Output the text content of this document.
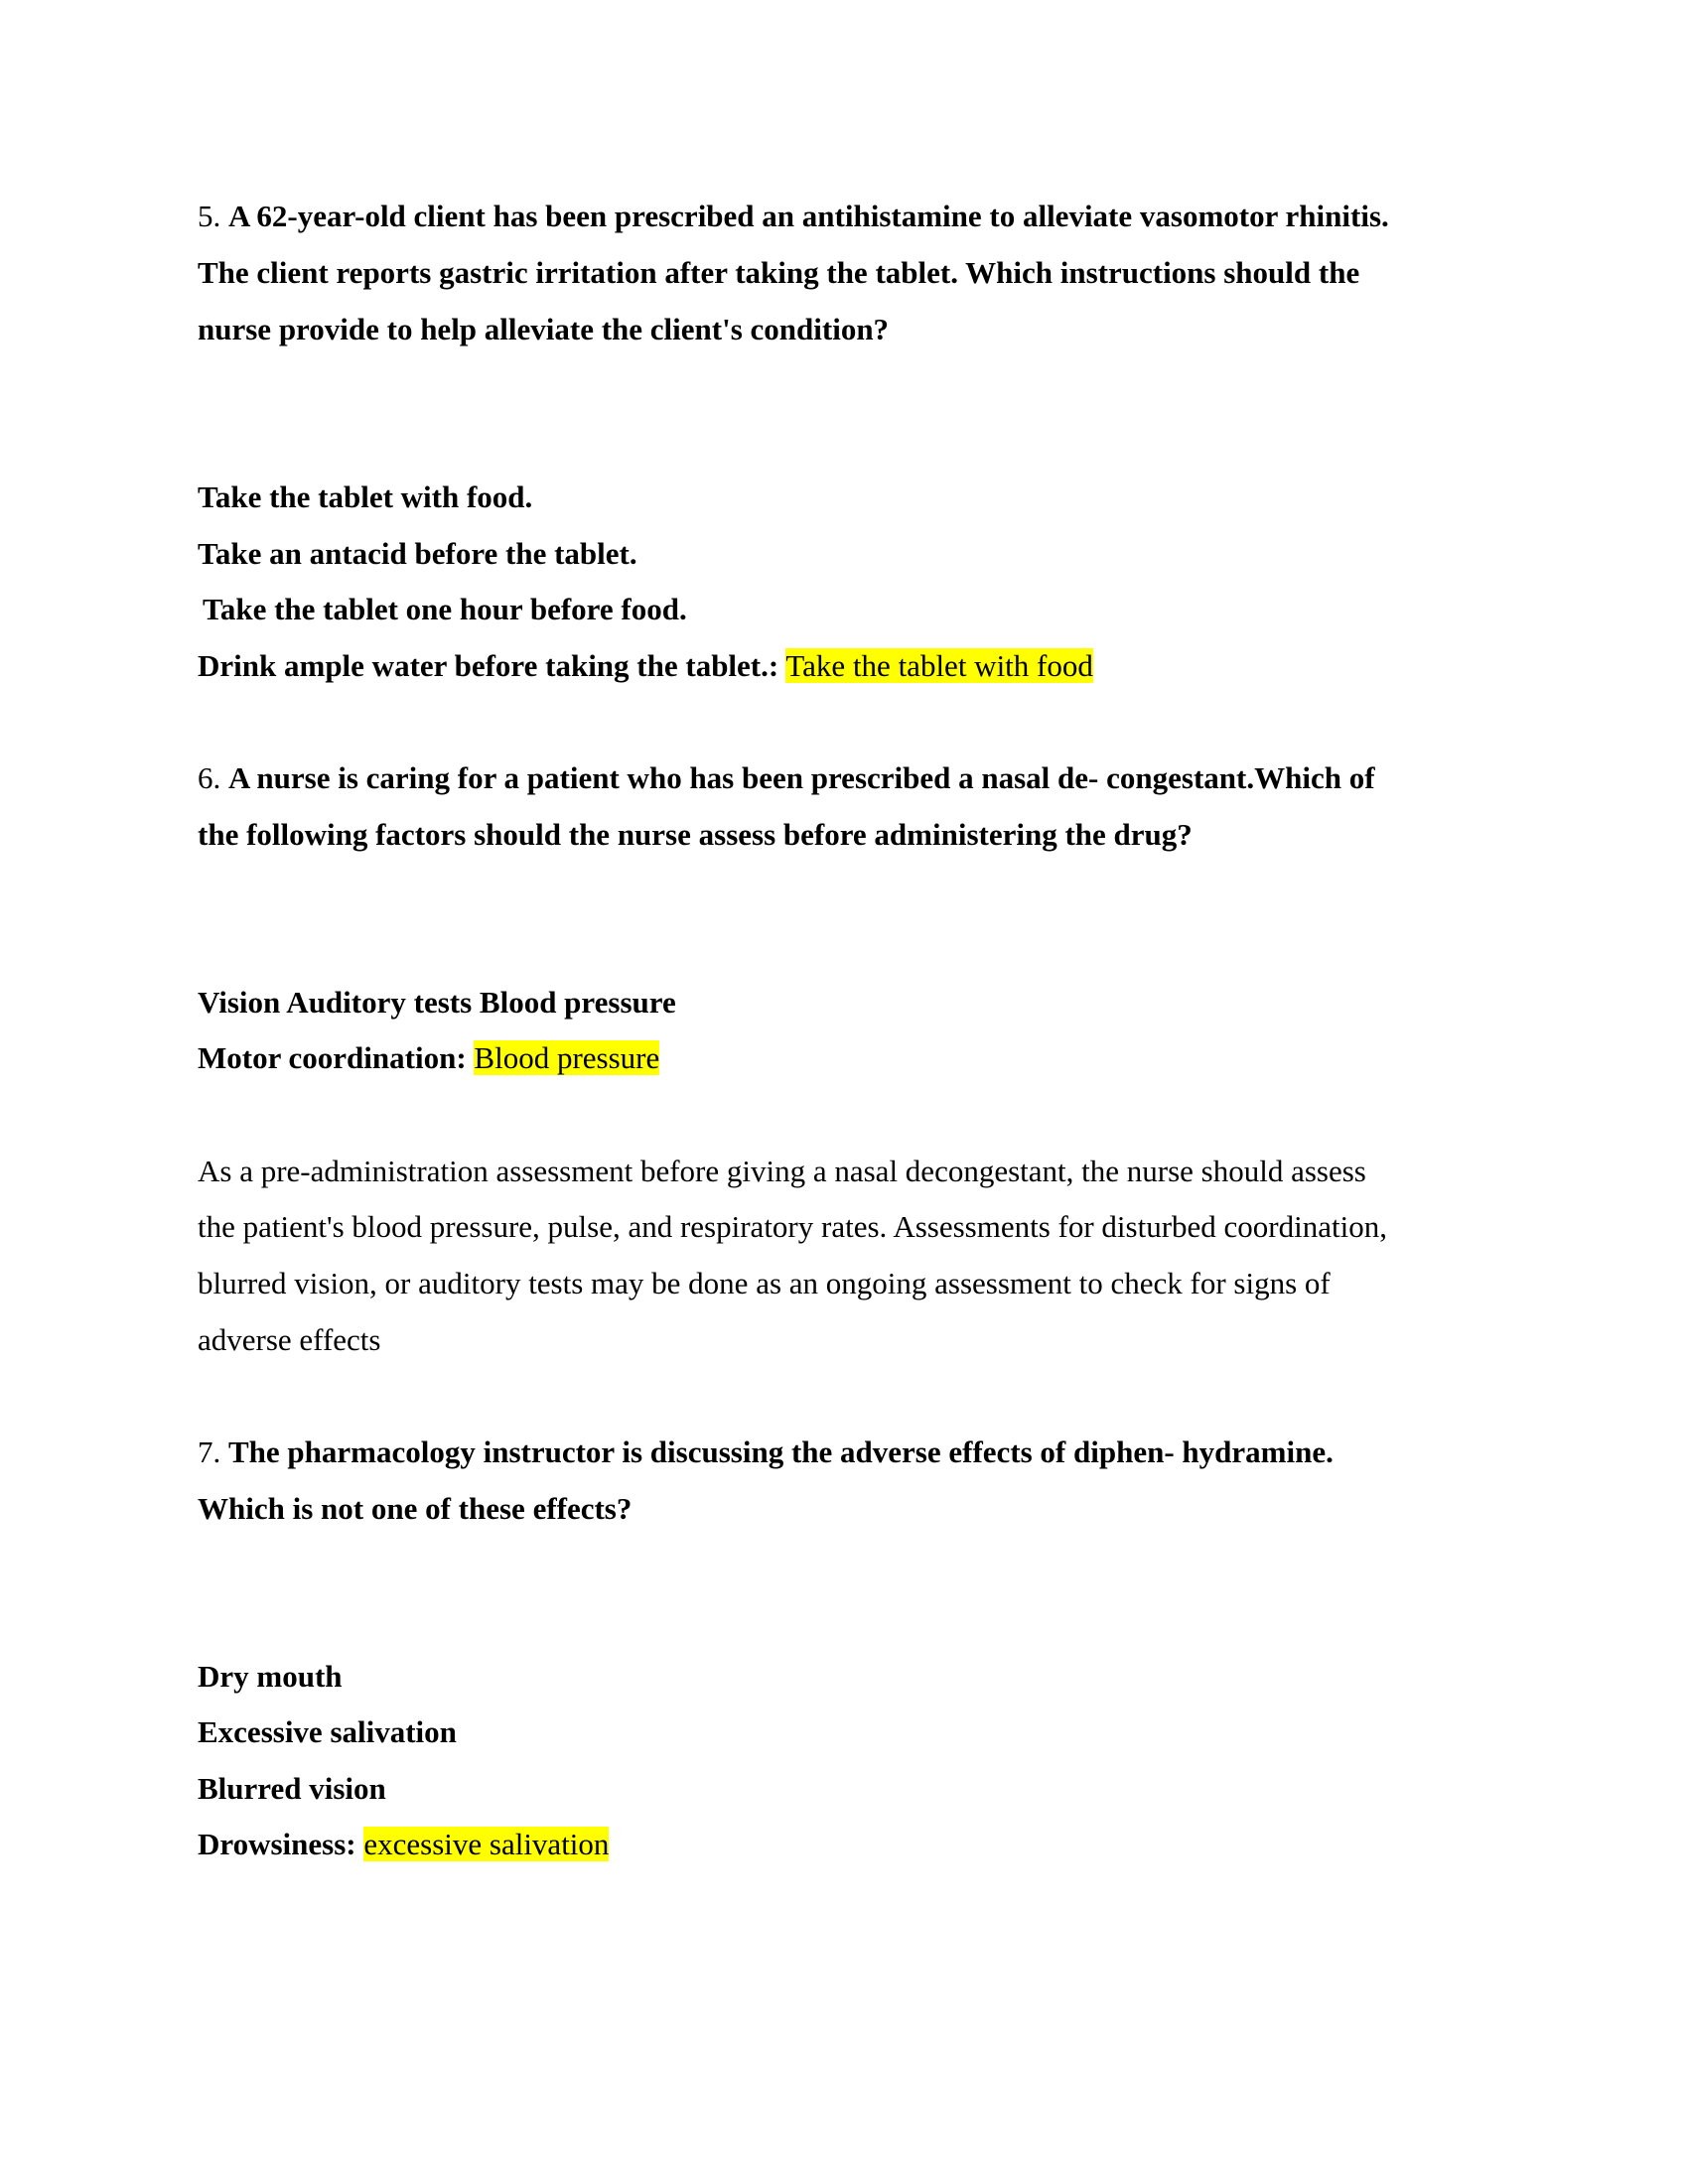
5. A 62-year-old client has been prescribed an antihistamine to alleviate vasomotor rhinitis.
The client reports gastric irritation after taking the tablet. Which instructions should the
nurse provide to help alleviate the client's condition?
Take the tablet with food.
Take an antacid before the tablet.
Take the tablet one hour before food.
Drink ample water before taking the tablet.: Take the tablet with food
6. A nurse is caring for a patient who has been prescribed a nasal de- congestant.Which of
the following factors should the nurse assess before administering the drug?
Vision Auditory tests Blood pressure
Motor coordination: Blood pressure
As a pre-administration assessment before giving a nasal decongestant, the nurse should assess
the patient's blood pressure, pulse, and respiratory rates. Assessments for disturbed coordination,
blurred vision, or auditory tests may be done as an ongoing assessment to check for signs of
adverse effects
7. The pharmacology instructor is discussing the adverse effects of diphen- hydramine.
Which is not one of these effects?
Dry mouth
Excessive salivation
Blurred vision
Drowsiness: excessive salivation
